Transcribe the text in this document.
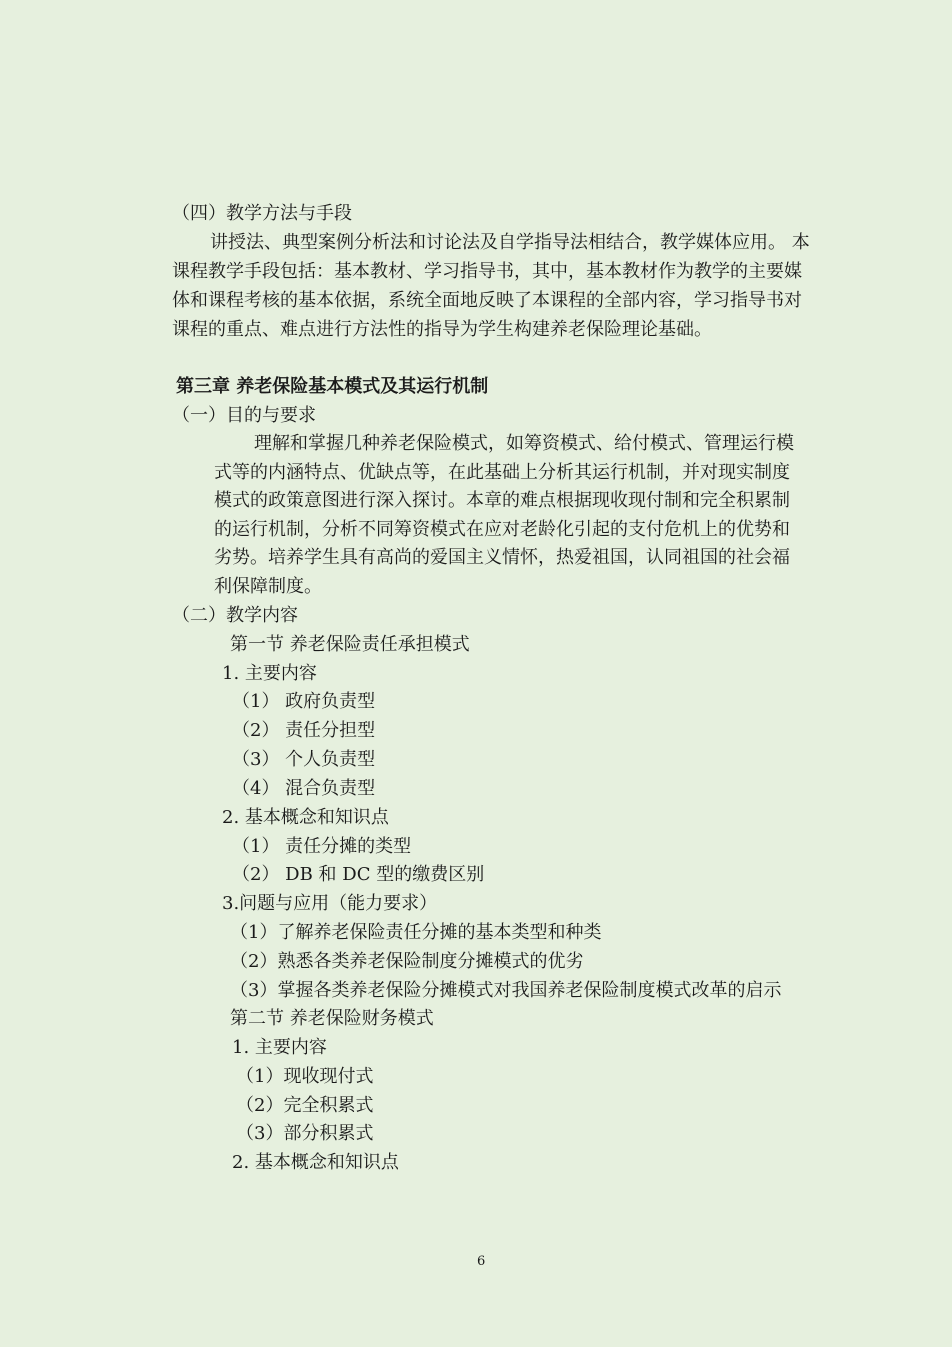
（四）教学方法与手段
讲授法、典型案例分析法和讨论法及自学指导法相结合，教学媒体应用。 本
课程教学手段包括：基本教材、学习指导书，其中，基本教材作为教学的主要媒
体和课程考核的基本依据，系统全面地反映了本课程的全部内容，学习指导书对
课程的重点、难点进行方法性的指导为学生构建养老保险理论基础。
第三章 养老保险基本模式及其运行机制
（一）目的与要求
理解和掌握几种养老保险模式，如筹资模式、给付模式、管理运行模
式等的内涵特点、优缺点等，在此基础上分析其运行机制，并对现实制度
模式的政策意图进行深入探讨。本章的难点根据现收现付制和完全积累制
的运行机制，分析不同筹资模式在应对老龄化引起的支付危机上的优势和
劣势。培养学生具有高尚的爱国主义情怀，热爱祖国，认同祖国的社会福
利保障制度。
（二）教学内容
第一节 养老保险责任承担模式
1. 主要内容
（1） 政府负责型
（2） 责任分担型
（3） 个人负责型
（4） 混合负责型
2. 基本概念和知识点
（1） 责任分摊的类型
（2） DB 和 DC 型的缴费区别
3.问题与应用（能力要求）
（1）了解养老保险责任分摊的基本类型和种类
（2）熟悉各类养老保险制度分摊模式的优劣
（3）掌握各类养老保险分摊模式对我国养老保险制度模式改革的启示
第二节 养老保险财务模式
1. 主要内容
（1）现收现付式
（2）完全积累式
（3）部分积累式
2. 基本概念和知识点
6
